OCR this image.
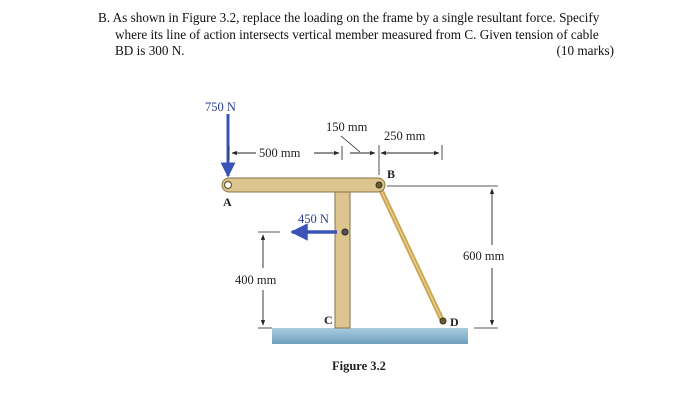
B. As shown in Figure 3.2, replace the loading on the frame by a single resultant force. Specify
where its line of action intersects vertical member measured from C. Given tension of cable
BD is 300 N.	(10 marks)
750 N
450 N
500 mm
150 mm
250 mm
600 mm
400 mm
A
B
C	D
Figure 3.2
